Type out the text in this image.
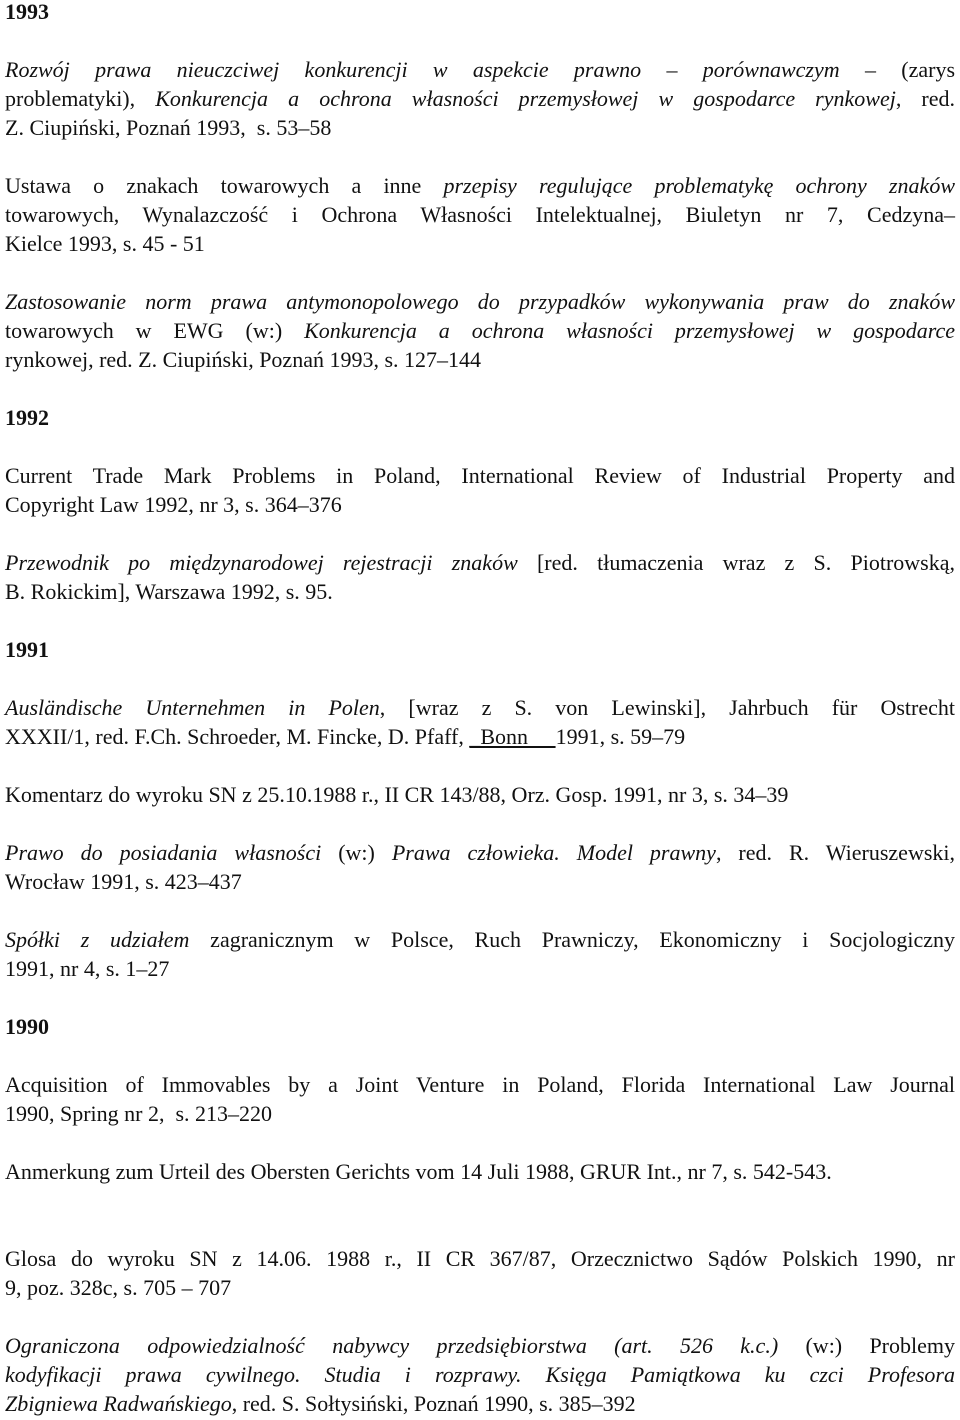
1993
Rozwój prawa nieuczciwej konkurencji w aspekcie prawno – porównawczym – (zarys
problematyki), Konkurencja a ochrona własności przemysłowej w gospodarce rynkowej, red.
Z. Ciupiński, Poznań 1993,  s. 53–58
Ustawa o znakach towarowych a inne przepisy regulujące problematykę ochrony znaków
towarowych, Wynalazczość i Ochrona Własności Intelektualnej, Biuletyn nr 7, Cedzyna–
Kielce 1993, s. 45 - 51
Zastosowanie norm prawa antymonopolowego do przypadków wykonywania praw do znaków
towarowych w EWG (w:) Konkurencja a ochrona własności przemysłowej w gospodarce
rynkowej, red. Z. Ciupiński, Poznań 1993, s. 127–144
1992
Current Trade Mark Problems in Poland, International Review of Industrial Property and
Copyright Law 1992, nr 3, s. 364–376
Przewodnik po międzynarodowej rejestracji znaków [red. tłumaczenia wraz z S. Piotrowską,
B. Rokickim], Warszawa 1992, s. 95.
1991
Ausländische Unternehmen in Polen, [wraz z S. von Lewinski], Jahrbuch für Ostrecht
XXXII/1, red. F.Ch. Schroeder, M. Fincke, D. Pfaff, _Bonn     1991, s. 59–79
Komentarz do wyroku SN z 25.10.1988 r., II CR 143/88, Orz. Gosp. 1991, nr 3, s. 34–39
Prawo do posiadania własności (w:) Prawa człowieka. Model prawny, red. R. Wieruszewski,
Wrocław 1991, s. 423–437
Spółki z udziałem zagranicznym w Polsce, Ruch Prawniczy, Ekonomiczny i Socjologiczny
1991, nr 4, s. 1–27
1990
Acquisition of Immovables by a Joint Venture in Poland, Florida International Law Journal
1990, Spring nr 2,  s. 213–220
Anmerkung zum Urteil des Obersten Gerichts vom 14 Juli 1988, GRUR Int., nr 7, s. 542-543.
Glosa do wyroku SN z 14.06. 1988 r., II CR 367/87, Orzecznictwo Sądów Polskich 1990, nr
9, poz. 328c, s. 705 – 707
Ograniczona odpowiedzialność nabywcy przedsiębiorstwa (art. 526 k.c.) (w:) Problemy
kodyfikacji prawa cywilnego. Studia i rozprawy. Księga Pamiątkowa ku czci Profesora
Zbigniewa Radwańskiego, red. S. Sołtysiński, Poznań 1990, s. 385–392
